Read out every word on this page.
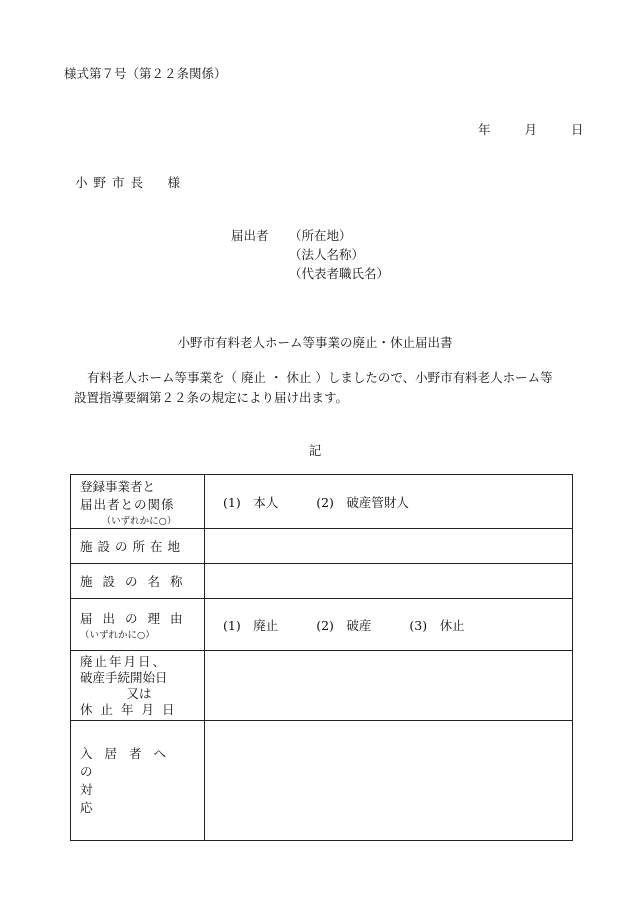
様式第７号（第２２条関係）
年	月	日
小野市長　様
届出者 （所在地）
（法人名称）
（代表者職氏名）
小野市有料老人ホーム等事業の廃止・休止届出書
有料老人ホーム等事業を（ 廃止 ・ 休止 ）しましたので、小野市有料老人ホーム等設置指導要綱第２２条の規定により届け出ます。
記
登録事業者と
届出者との関係
（いずれかに○）	(1)　本人 (2)　破産管財人
施設の所在地	
施設の名称	

届出の理由
（いずれかに○）	(1)　廃止 (2)　破産 (3)　休止

廃止年月日、
破産手続開始日
又は
休止年月日	

入居者への
対応	
